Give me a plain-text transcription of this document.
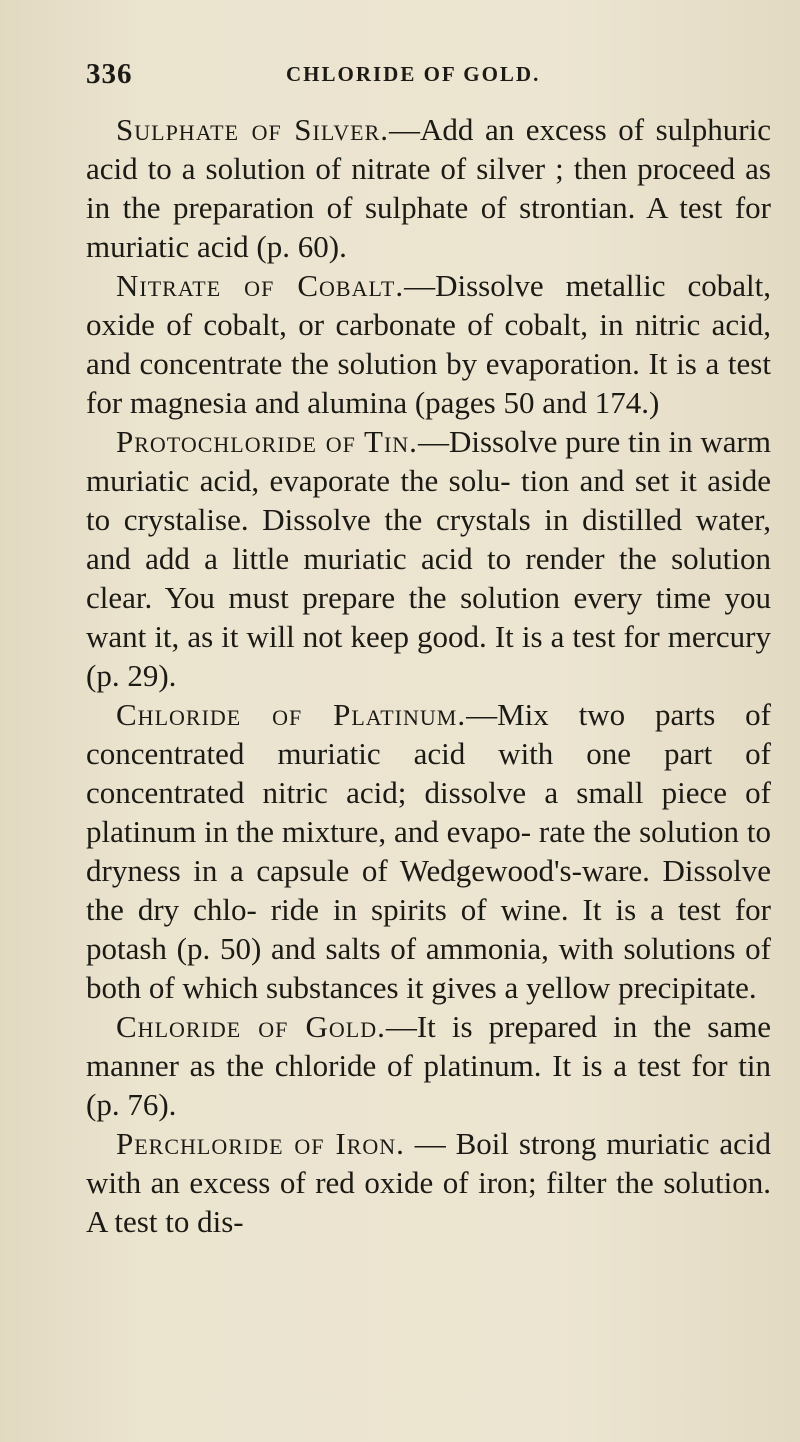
336	CHLORIDE OF GOLD.

Sulphate of Silver.—Add an excess of sulphuric acid to a solution of nitrate of silver ; then proceed as in the preparation of sulphate of strontian. A test for muriatic acid (p. 60).

Nitrate of Cobalt.—Dissolve metallic cobalt, oxide of cobalt, or carbonate of cobalt, in nitric acid, and concentrate the solution by evaporation. It is a test for magnesia and alumina (pages 50 and 174.)

Protochloride of Tin.—Dissolve pure tin in warm muriatic acid, evaporate the solu- tion and set it aside to crystalise. Dissolve the crystals in distilled water, and add a little muriatic acid to render the solution clear. You must prepare the solution every time you want it, as it will not keep good. It is a test for mercury (p. 29).

Chloride of Platinum.—Mix two parts of concentrated muriatic acid with one part of concentrated nitric acid; dissolve a small piece of platinum in the mixture, and evapo- rate the solution to dryness in a capsule of Wedgewood's-ware. Dissolve the dry chlo- ride in spirits of wine. It is a test for potash (p. 50) and salts of ammonia, with solutions of both of which substances it gives a yellow precipitate.

Chloride of Gold.—It is prepared in the same manner as the chloride of platinum. It is a test for tin (p. 76).

Perchloride of Iron. — Boil strong muriatic acid with an excess of red oxide of iron; filter the solution. A test to dis-
